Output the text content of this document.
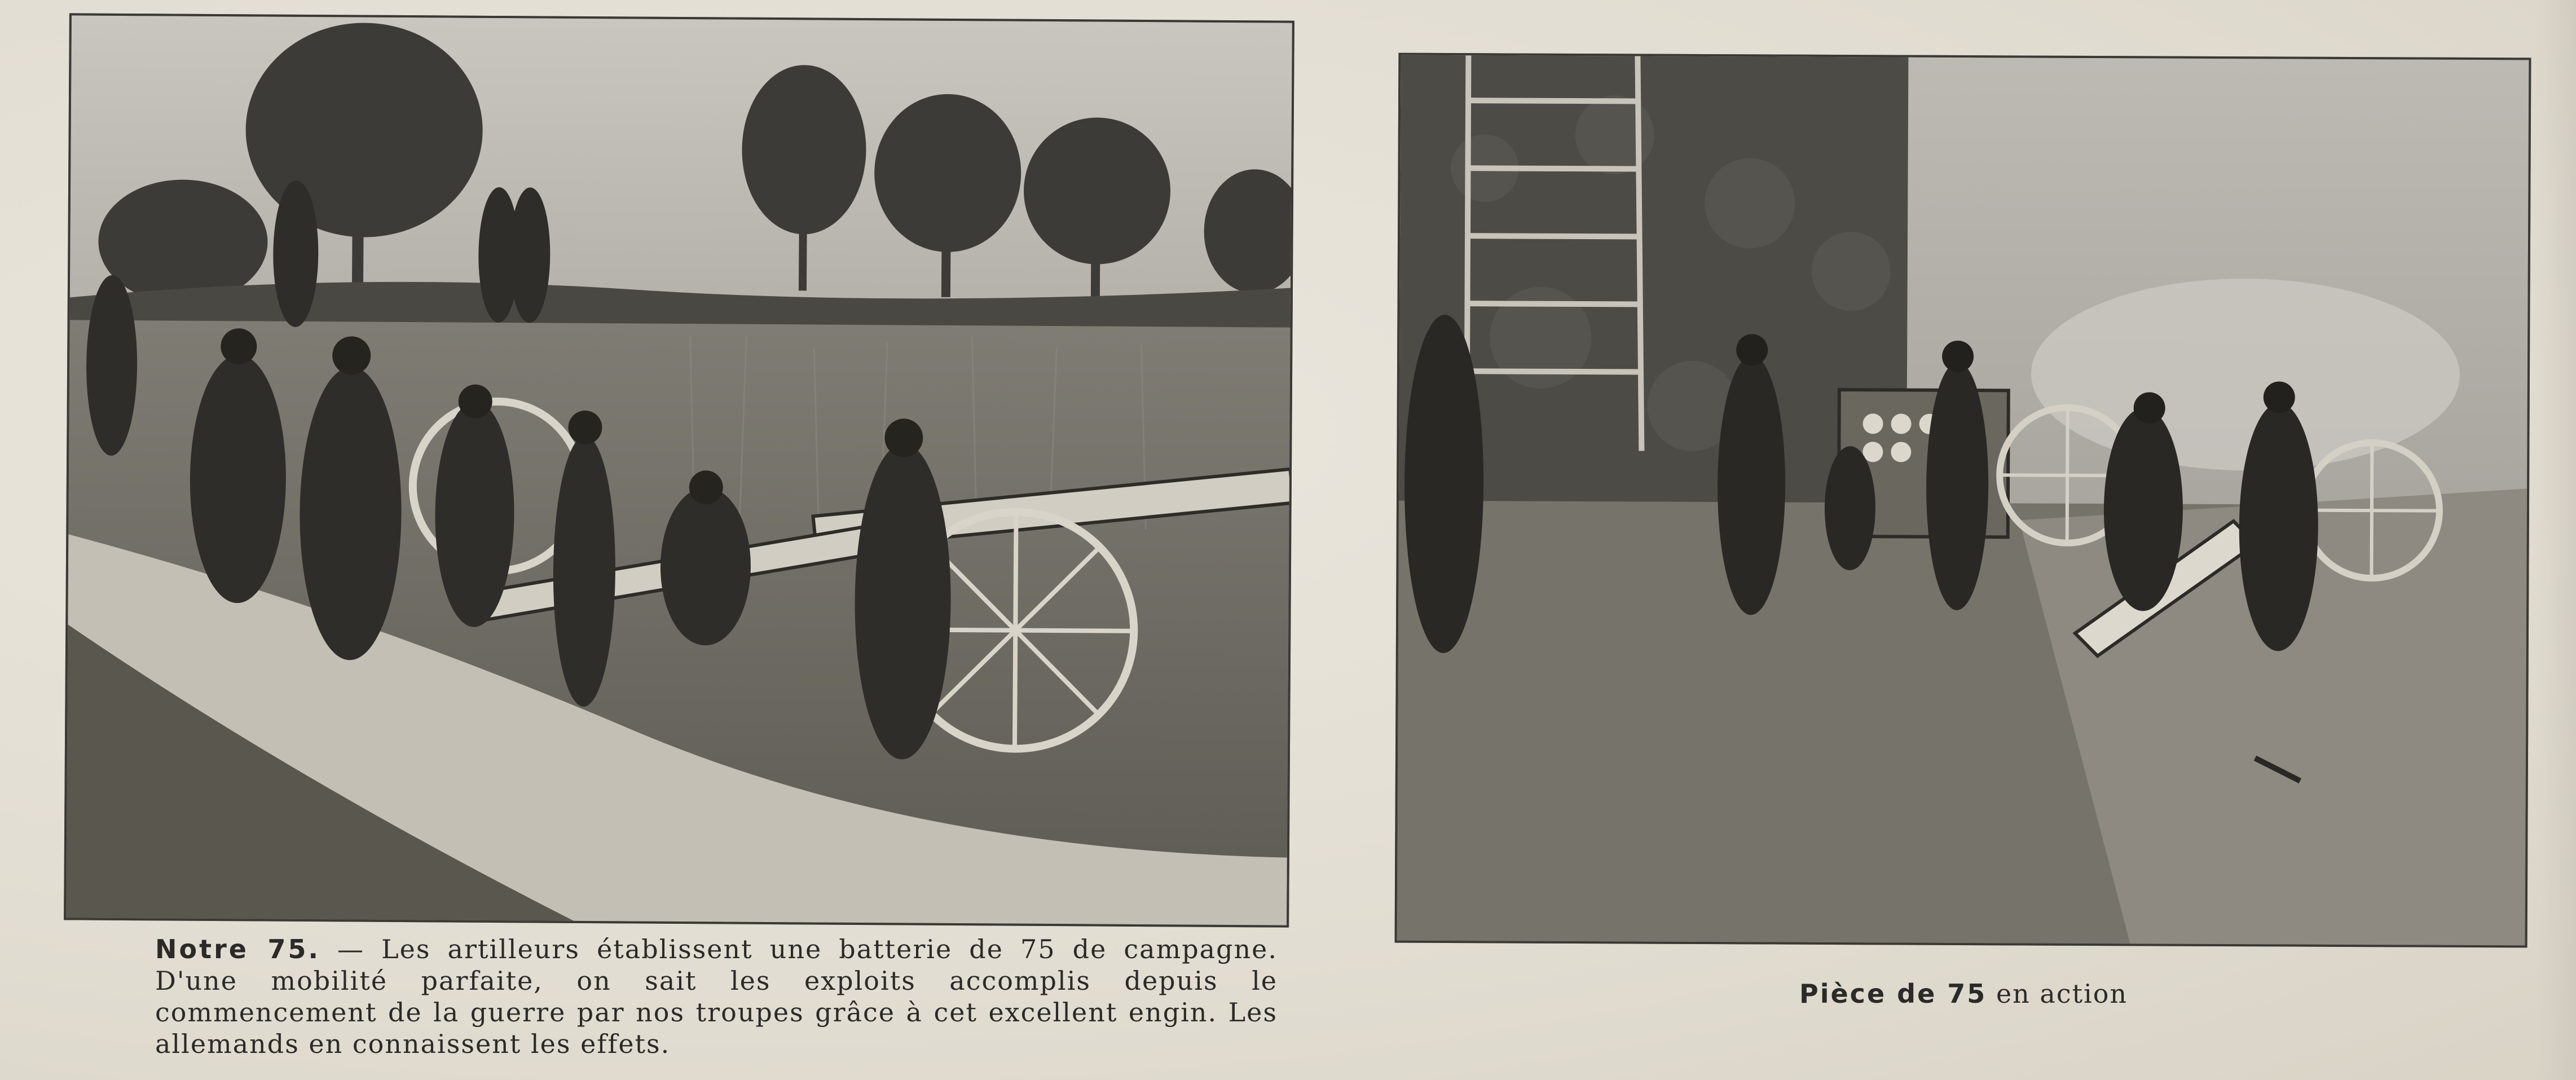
Notre 75. — Les artilleurs établissent une batterie de 75 de campagne. D'une mobilité parfaite, on sait les exploits accomplis depuis le commencement de la guerre par nos troupes grâce à cet excellent engin. Les allemands en connaissent les effets.
Pièce de 75 en action
